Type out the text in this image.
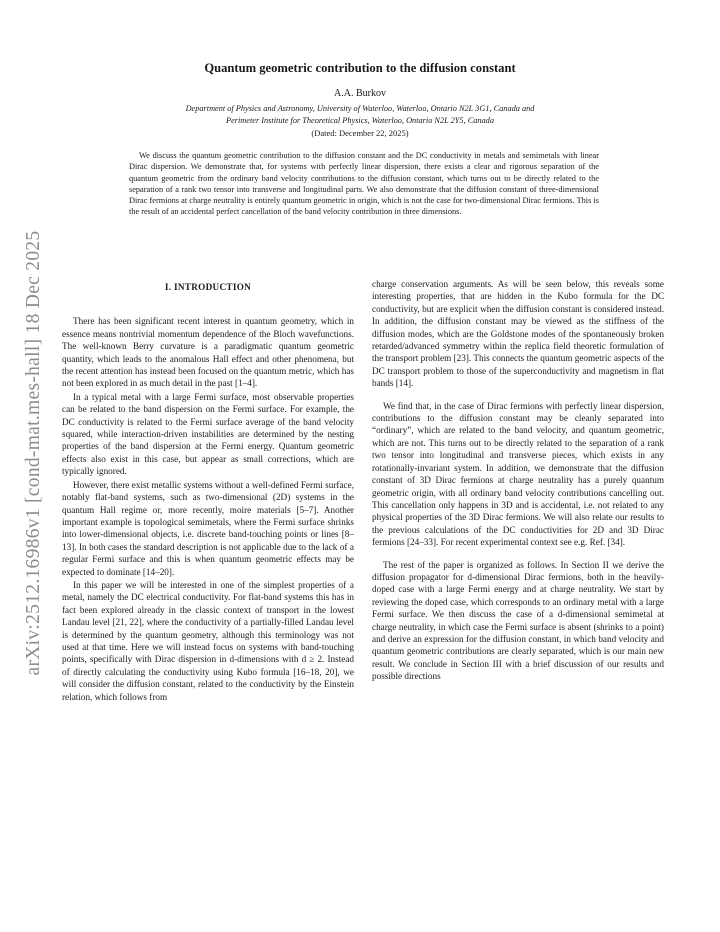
arXiv:2512.16986v1 [cond-mat.mes-hall] 18 Dec 2025
Quantum geometric contribution to the diffusion constant
A.A. Burkov
Department of Physics and Astronomy, University of Waterloo, Waterloo, Ontario N2L 3G1, Canada and
Perimeter Institute for Theoretical Physics, Waterloo, Ontario N2L 2Y5, Canada
(Dated: December 22, 2025)

We discuss the quantum geometric contribution to the diffusion constant and the DC conductivity in metals and semimetals with linear Dirac dispersion. We demonstrate that, for systems with perfectly linear dispersion, there exists a clear and rigorous separation of the quantum geometric from the ordinary band velocity contributions to the diffusion constant, which turns out to be directly related to the separation of a rank two tensor into transverse and longitudinal parts. We also demonstrate that the diffusion constant of three-dimensional Dirac fermions at charge neutrality is entirely quantum geometric in origin, which is not the case for two-dimensional Dirac fermions. This is the result of an accidental perfect cancellation of the band velocity contribution in three dimensions.

I. INTRODUCTION

There has been significant recent interest in quantum geometry, which in essence means nontrivial momentum dependence of the Bloch wavefunctions. The well-known Berry curvature is a paradigmatic quantum geometric quantity, which leads to the anomalous Hall effect and other phenomena, but the recent attention has instead been focused on the quantum metric, which has not been explored in as much detail in the past [1–4].

In a typical metal with a large Fermi surface, most observable properties can be related to the band dispersion on the Fermi surface. For example, the DC conductivity is related to the Fermi surface average of the band velocity squared, while interaction-driven instabilities are determined by the nesting properties of the band dispersion at the Fermi energy. Quantum geometric effects also exist in this case, but appear as small corrections, which are typically ignored.

However, there exist metallic systems without a well-defined Fermi surface, notably flat-band systems, such as two-dimensional (2D) systems in the quantum Hall regime or, more recently, moire materials [5–7]. Another important example is topological semimetals, where the Fermi surface shrinks into lower-dimensional objects, i.e. discrete band-touching points or lines [8–13]. In both cases the standard description is not applicable due to the lack of a regular Fermi surface and this is when quantum geometric effects may be expected to dominate [14–20].

In this paper we will be interested in one of the simplest properties of a metal, namely the DC electrical conductivity. For flat-band systems this has in fact been explored already in the classic context of transport in the lowest Landau level [21, 22], where the conductivity of a partially-filled Landau level is determined by the quantum geometry, although this terminology was not used at that time. Here we will instead focus on systems with band-touching points, specifically with Dirac dispersion in d-dimensions with d ≥ 2. Instead of directly calculating the conductivity using Kubo formula [16–18, 20], we will consider the diffusion constant, related to the conductivity by the Einstein relation, which follows from

charge conservation arguments. As will be seen below, this reveals some interesting properties, that are hidden in the Kubo formula for the DC conductivity, but are explicit when the diffusion constant is considered instead. In addition, the diffusion constant may be viewed as the stiffness of the diffusion modes, which are the Goldstone modes of the spontaneously broken retarded/advanced symmetry within the replica field theoretic formulation of the transport problem [23]. This connects the quantum geometric aspects of the DC transport problem to those of the superconductivity and magnetism in flat bands [14].

We find that, in the case of Dirac fermions with perfectly linear dispersion, contributions to the diffusion constant may be cleanly separated into “ordinary”, which are related to the band velocity, and quantum geometric, which are not. This turns out to be directly related to the separation of a rank two tensor into longitudinal and transverse pieces, which exists in any rotationally-invariant system. In addition, we demonstrate that the diffusion constant of 3D Dirac fermions at charge neutrality has a purely quantum geometric origin, with all ordinary band velocity contributions cancelling out. This cancellation only happens in 3D and is accidental, i.e. not related to any physical properties of the 3D Dirac fermions. We will also relate our results to the previous calculations of the DC conductivities for 2D and 3D Dirac fermions [24–33]. For recent experimental context see e.g. Ref. [34].

The rest of the paper is organized as follows. In Section II we derive the diffusion propagator for d-dimensional Dirac fermions, both in the heavily-doped case with a large Fermi energy and at charge neutrality. We start by reviewing the doped case, which corresponds to an ordinary metal with a large Fermi surface. We then discuss the case of a d-dimensional semimetal at charge neutrality, in which case the Fermi surface is absent (shrinks to a point) and derive an expression for the diffusion constant, in which band velocity and quantum geometric contributions are clearly separated, which is our main new result. We conclude in Section III with a brief discussion of our results and possible directions
